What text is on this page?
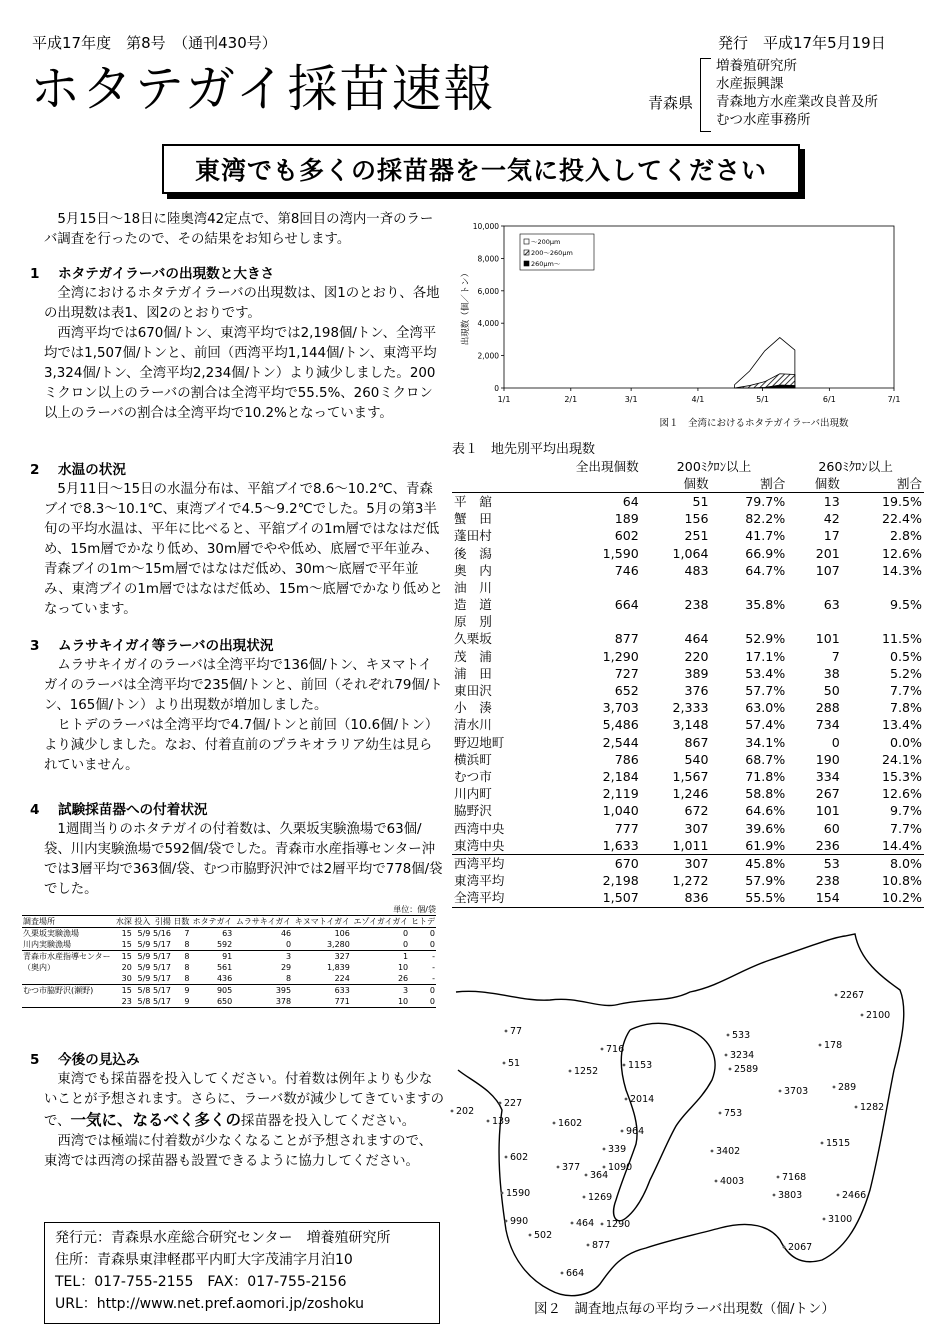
平成17年度　第8号　（通刊430号）	発行　平成17年5月19日
ホタテガイ採苗速報	青森県
増養殖研究所
水産振興課
青森地方水産業改良普及所
むつ水産事務所
東湾でも多くの採苗器を一気に投入してください

5月15日～18日に陸奥湾42定点で、第8回目の湾内一斉のラーバ調査を行ったので、その結果をお知らせします。

1 ホタテガイラーバの出現数と大きさ

全湾におけるホタテガイラーバの出現数は、図1のとおり、各地の出現数は表1、図2のとおりです。

西湾平均では670個/トン、東湾平均では2,198個/トン、全湾平均では1,507個/トンと、前回（西湾平均1,144個/トン、東湾平均3,324個/トン、全湾平均2,234個/トン）より減少しました。200ミクロン以上のラーバの割合は全湾平均で55.5%、260ミクロン以上のラーバの割合は全湾平均で10.2%となっています。

2 水温の状況

5月11日～15日の水温分布は、平舘ブイで8.6～10.2℃、青森ブイで8.3～10.1℃、東湾ブイで4.5～9.2℃でした。5月の第3半旬の平均水温は、平年に比べると、平舘ブイの1m層ではなはだ低め、15m層でかなり低め、30m層でやや低め、底層で平年並み、青森ブイの1m～15m層ではなはだ低め、30m～底層で平年並み、東湾ブイの1m層ではなはだ低め、15m～底層でかなり低めとなっています。

3 ムラサキイガイ等ラーバの出現状況

ムラサキイガイのラーバは全湾平均で136個/トン、キヌマトイガイのラーバは全湾平均で235個/トンと、前回（それぞれ79個/トン、165個/トン）より出現数が増加しました。

ヒトデのラーバは全湾平均で4.7個/トンと前回（10.6個/トン）より減少しました。なお、付着直前のプラキオラリア幼生は見られていません。

4 試験採苗器への付着状況

1週間当りのホタテガイの付着数は、久栗坂実験漁場で63個/袋、川内実験漁場で592個/袋でした。青森市水産指導センター沖では3層平均で363個/袋、むつ市脇野沢沖では2層平均で778個/袋でした。

単位：個/袋
調査場所	水深	投入	引揚	日数	ホタテガイ	ムラサキイガイ	キヌマトイガイ	エゾイガイガイ	ヒトデ
久栗坂実験漁場	15	5/9	5/16	7	63	46	106	0	0
川内実験漁場	15	5/9	5/17	8	592	0	3,280	0	0
青森市水産指導センター	15	5/9	5/17	8	91	3	327	1	-
（奥内）	20	5/9	5/17	8	561	29	1,839	10	-
	30	5/9	5/17	8	436	8	224	26	-
むつ市脇野沢(瀬野)	15	5/8	5/17	9	905	395	633	3	0
	23	5/8	5/17	9	650	378	771	10	0
5 今後の見込み

東湾でも採苗器を投入してください。付着数は例年よりも少ないことが予想されます。さらに、ラーバ数が減少してきていますので、一気に、なるべく多くの採苗器を投入してください。

西湾では極端に付着数が少なくなることが予想されますので、東湾では西湾の採苗器も設置できるように協力してください。

発行元：青森県水産総合研究センター　増養殖研究所
住所：青森県東津軽郡平内町大字茂浦字月泊10
TEL：017-755-2155　FAX：017-755-2156
URL：http://www.net.pref.aomori.jp/zoshoku
0
2,000
4,000
6,000
8,000
10,000
1/1	2/1	3/1	4/1	5/1	6/1	7/1
出現数（個／トン）
～200μm
200～260μm
260μm～
図１　全湾におけるホタテガイラーバ出現数
表１　地先別平均出現数
	全出現個数	200ﾐｸﾛﾝ以上		260ﾐｸﾛﾝ以上	
		個数	割合	個数	割合
平　舘	64	51	79.7%	13	19.5%
蟹　田	189	156	82.2%	42	22.4%
蓬田村	602	251	41.7%	17	2.8%
後　潟	1,590	1,064	66.9%	201	12.6%
奥　内	746	483	64.7%	107	14.3%
油　川					
造　道	664	238	35.8%	63	9.5%
原　別					
久栗坂	877	464	52.9%	101	11.5%
茂　浦	1,290	220	17.1%	7	0.5%
浦　田	727	389	53.4%	38	5.2%
東田沢	652	376	57.7%	50	7.7%
小　湊	3,703	2,333	63.0%	288	7.8%
清水川	5,486	3,148	57.4%	734	13.4%
野辺地町	2,544	867	34.1%	0	0.0%
横浜町	786	540	68.7%	190	24.1%
むつ市	2,184	1,567	71.8%	334	15.3%
川内町	2,119	1,246	58.8%	267	12.6%
脇野沢	1,040	672	64.6%	101	9.7%
西湾中央	777	307	39.6%	60	7.7%
東湾中央	1,633	1,011	61.9%	236	14.4%
西湾平均	670	307	45.8%	53	8.0%
東湾平均	2,198	1,272	57.9%	238	10.8%
全湾平均	1,507	836	55.5%	154	10.2%
77
51
202
227
139	1602
602
1590
990
502
377
364
1269
464 1290
877
664
716
1252
1153
2014
964
339
1090
533
3234
2589
753
3402
4003	7168
3803
1515
3703	289
1282
178
2267
2100
2466
3100
2067
図２　調査地点毎の平均ラーバ出現数（個/トン）
